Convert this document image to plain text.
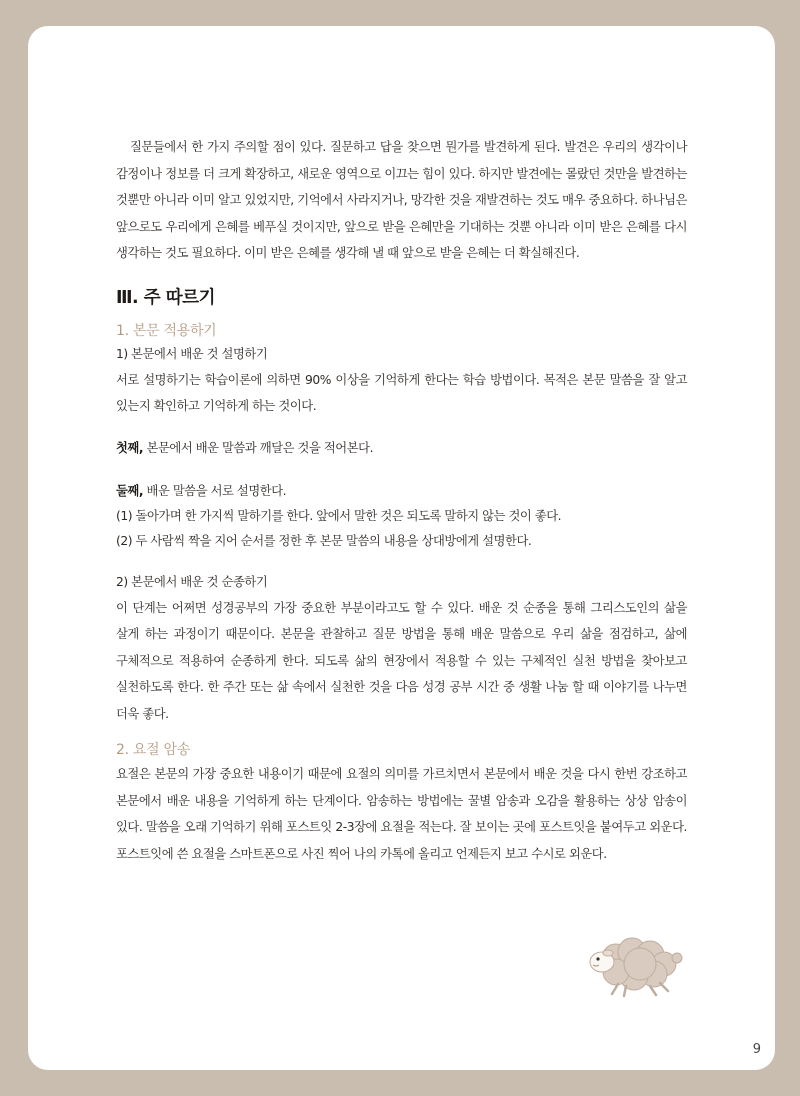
질문들에서 한 가지 주의할 점이 있다. 질문하고 답을 찾으면 뭔가를 발견하게 된다. 발견은 우리의 생각이나 감정이나 정보를 더 크게 확장하고, 새로운 영역으로 이끄는 힘이 있다. 하지만 발견에는 몰랐던 것만을 발견하는 것뿐만 아니라 이미 알고 있었지만, 기억에서 사라지거나, 망각한 것을 재발견하는 것도 매우 중요하다. 하나님은 앞으로도 우리에게 은혜를 베푸실 것이지만, 앞으로 받을 은혜만을 기대하는 것뿐 아니라 이미 받은 은혜를 다시 생각하는 것도 필요하다. 이미 받은 은혜를 생각해 낼 때 앞으로 받을 은혜는 더 확실해진다.

Ⅲ. 주 따르기
1. 본문 적용하기
1) 본문에서 배운 것 설명하기

서로 설명하기는 학습이론에 의하면 90% 이상을 기억하게 한다는 학습 방법이다. 목적은 본문 말씀을 잘 알고 있는지 확인하고 기억하게 하는 것이다.

첫째, 본문에서 배운 말씀과 깨달은 것을 적어본다.
둘째, 배운 말씀을 서로 설명한다.
(1) 돌아가며 한 가지씩 말하기를 한다. 앞에서 말한 것은 되도록 말하지 않는 것이 좋다.
(2) 두 사람씩 짝을 지어 순서를 정한 후 본문 말씀의 내용을 상대방에게 설명한다.
2) 본문에서 배운 것 순종하기

이 단계는 어쩌면 성경공부의 가장 중요한 부분이라고도 할 수 있다. 배운 것 순종을 통해 그리스도인의 삶을 살게 하는 과정이기 때문이다. 본문을 관찰하고 질문 방법을 통해 배운 말씀으로 우리 삶을 점검하고, 삶에 구체적으로 적용하여 순종하게 한다. 되도록 삶의 현장에서 적용할 수 있는 구체적인 실천 방법을 찾아보고 실천하도록 한다. 한 주간 또는 삶 속에서 실천한 것을 다음 성경 공부 시간 중 생활 나눔 할 때 이야기를 나누면 더욱 좋다.

2. 요절 암송

요절은 본문의 가장 중요한 내용이기 때문에 요절의 의미를 가르치면서 본문에서 배운 것을 다시 한번 강조하고 본문에서 배운 내용을 기억하게 하는 단계이다. 암송하는 방법에는 꿀별 암송과 오감을 활용하는 상상 암송이 있다. 말씀을 오래 기억하기 위해 포스트잇 2-3장에 요절을 적는다. 잘 보이는 곳에 포스트잇을 붙여두고 외운다. 포스트잇에 쓴 요절을 스마트폰으로 사진 찍어 나의 카톡에 올리고 언제든지 보고 수시로 외운다.

9
